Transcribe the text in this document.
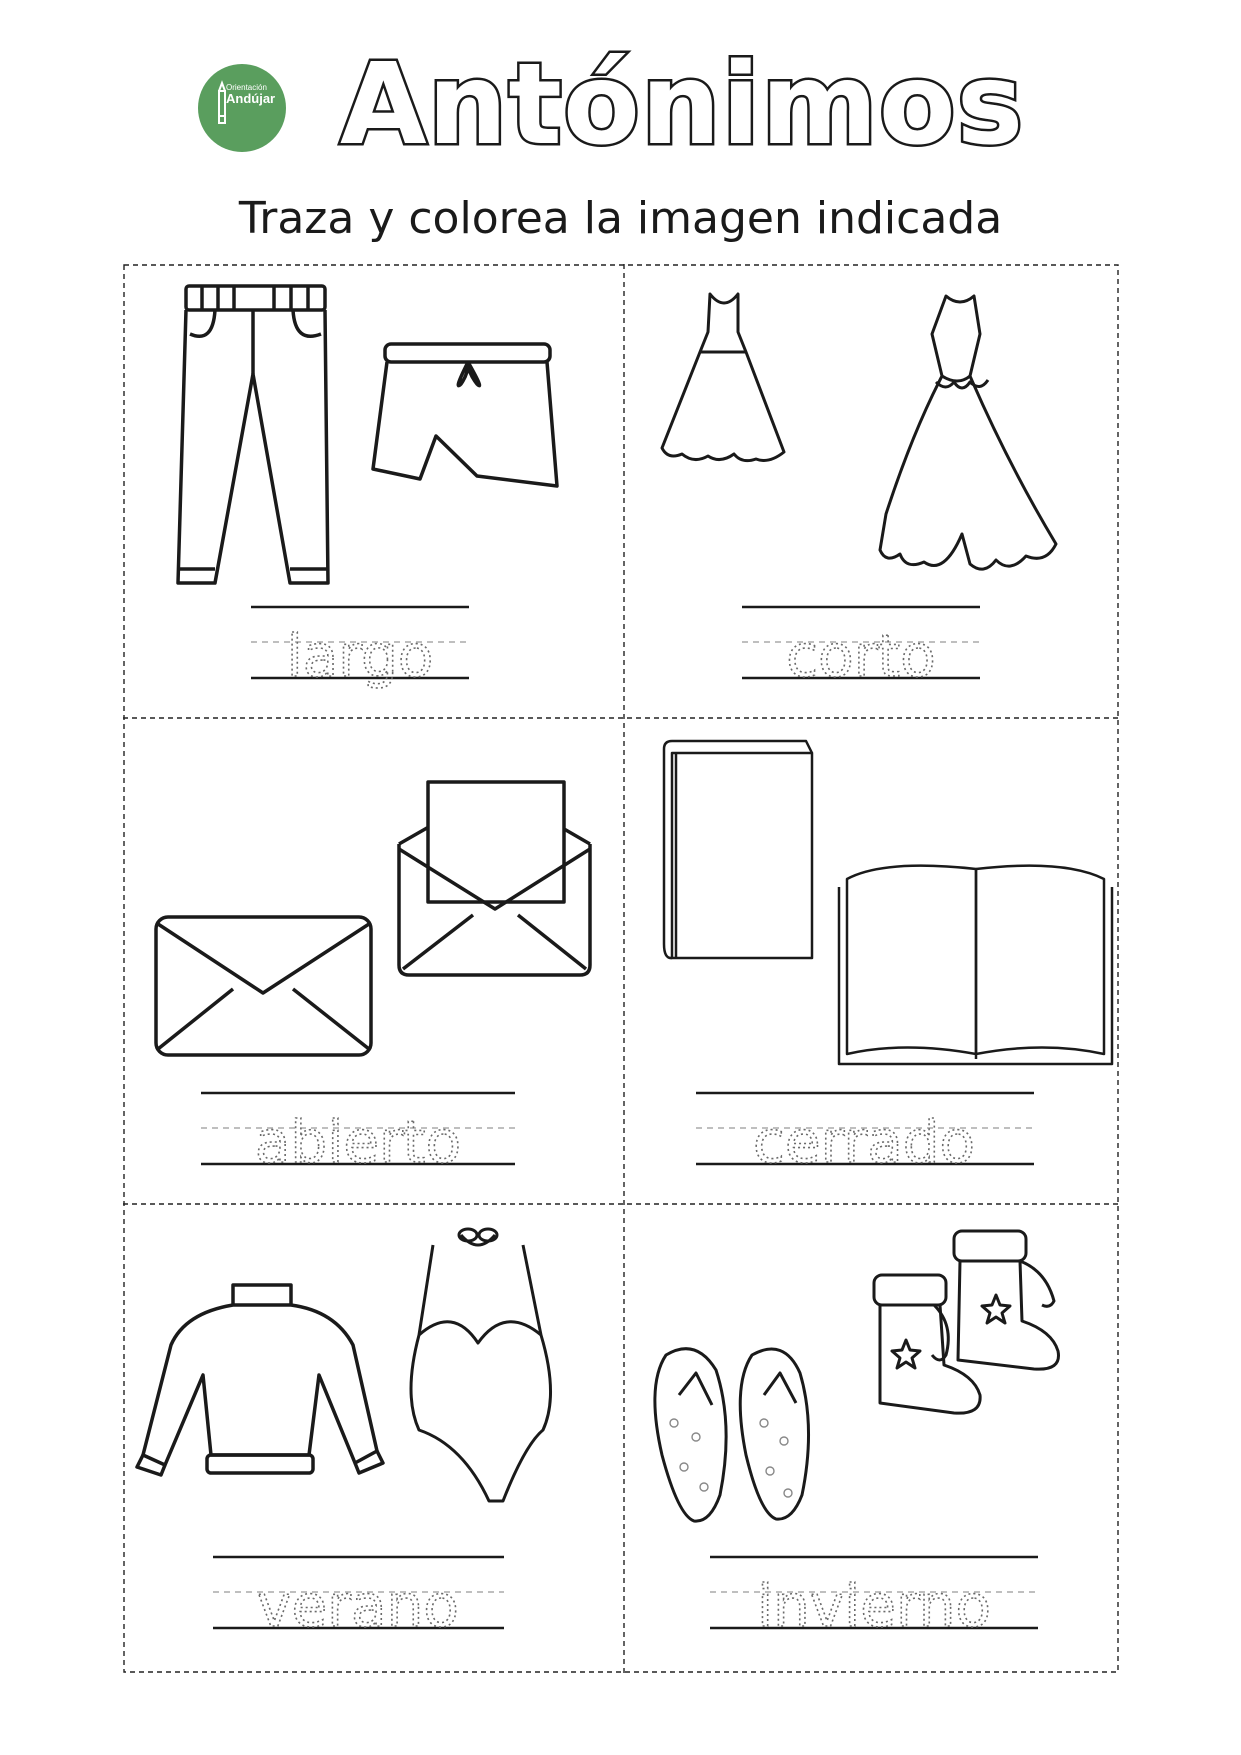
Orientación
Andújar Antónimos
Traza y colorea la imagen indicada
largo	corto
abierto	cerrado
verano	invierno
